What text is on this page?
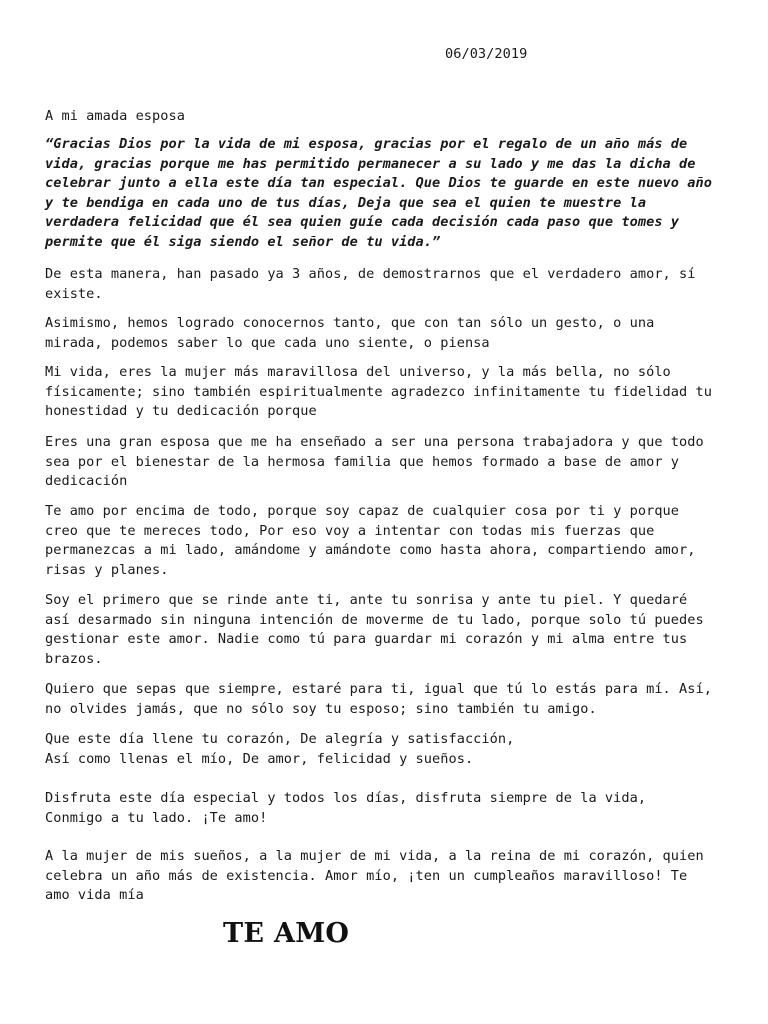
06/03/2019

A mi amada esposa

“Gracias Dios por la vida de mi esposa, gracias por el regalo de un año más de
vida, gracias porque me has permitido permanecer a su lado y me das la dicha de
celebrar junto a ella este día tan especial. Que Dios te guarde en este nuevo año
y te bendiga en cada uno de tus días, Deja que sea el quien te muestre la
verdadera felicidad que él sea quien guíe cada decisión cada paso que tomes y
permite que él siga siendo el señor de tu vida.”
De esta manera, han pasado ya 3 años, de demostrarnos que el verdadero amor, sí
existe.
Asimismo, hemos logrado conocernos tanto, que con tan sólo un gesto, o una
mirada, podemos saber lo que cada uno siente, o piensa
Mi vida, eres la mujer más maravillosa del universo, y la más bella, no sólo
físicamente; sino también espiritualmente agradezco infinitamente tu fidelidad tu
honestidad y tu dedicación porque
Eres una gran esposa que me ha enseñado a ser una persona trabajadora y que todo
sea por el bienestar de la hermosa familia que hemos formado a base de amor y
dedicación
Te amo por encima de todo, porque soy capaz de cualquier cosa por ti y porque
creo que te mereces todo, Por eso voy a intentar con todas mis fuerzas que
permanezcas a mi lado, amándome y amándote como hasta ahora, compartiendo amor,
risas y planes.
Soy el primero que se rinde ante ti, ante tu sonrisa y ante tu piel. Y quedaré
así desarmado sin ninguna intención de moverme de tu lado, porque solo tú puedes
gestionar este amor. Nadie como tú para guardar mi corazón y mi alma entre tus
brazos.
Quiero que sepas que siempre, estaré para ti, igual que tú lo estás para mí. Así,
no olvides jamás, que no sólo soy tu esposo; sino también tu amigo.
Que este día llene tu corazón, De alegría y satisfacción,
Así como llenas el mío, De amor, felicidad y sueños.
Disfruta este día especial y todos los días, disfruta siempre de la vida,
Conmigo a tu lado. ¡Te amo!
A la mujer de mis sueños, a la mujer de mi vida, a la reina de mi corazón, quien
celebra un año más de existencia. Amor mío, ¡ten un cumpleaños maravilloso! Te
amo vida mía

TE AMO
